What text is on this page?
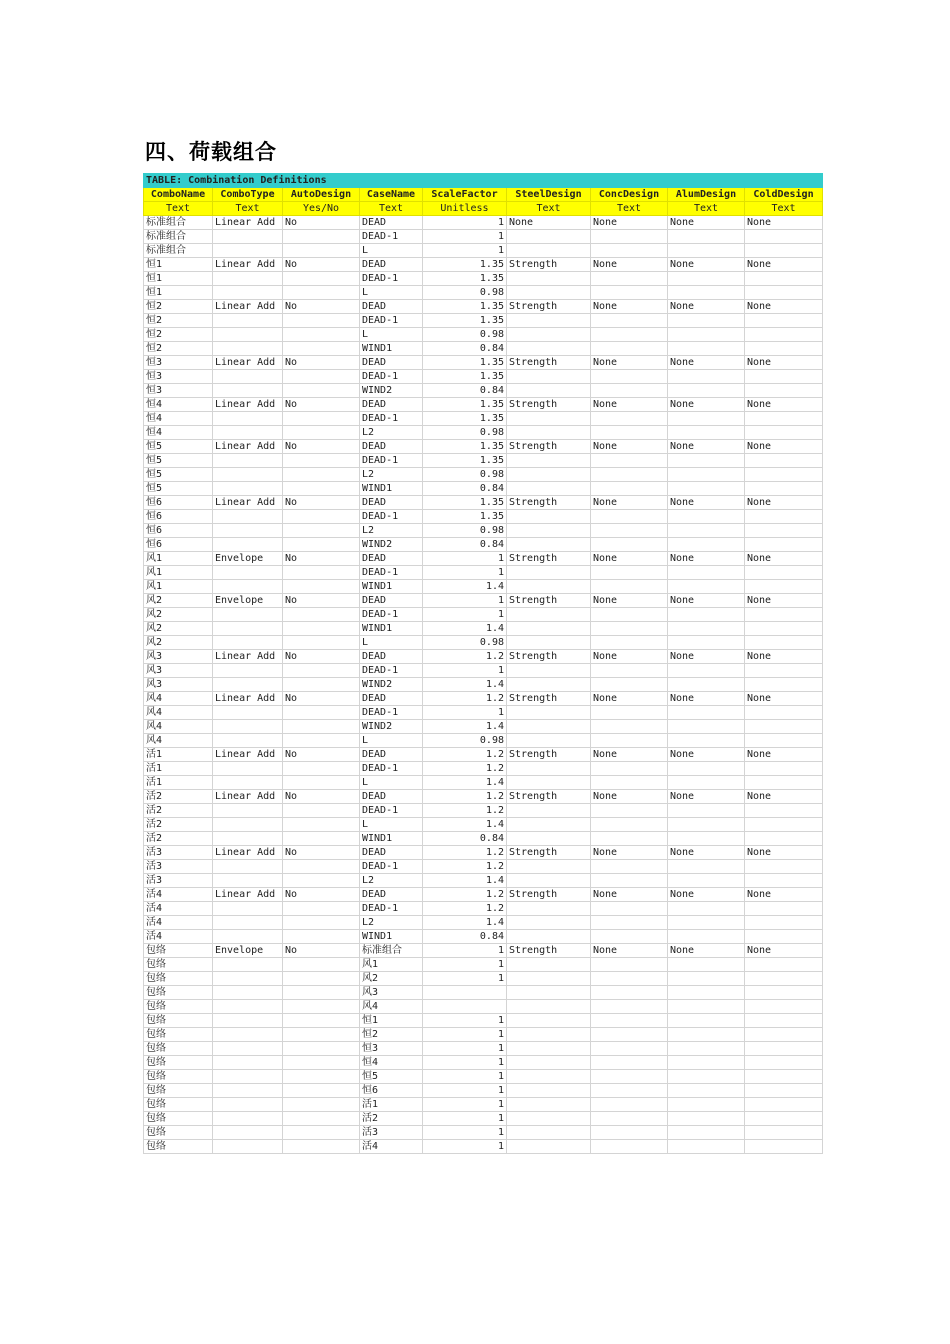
四、荷载组合
TABLE: Combination Definitions								
ComboName	ComboType	AutoDesign	CaseName	ScaleFactor	SteelDesign	ConcDesign	AlumDesign	ColdDesign
Text	Text	Yes/No	Text	Unitless	Text	Text	Text	Text
标准组合	Linear Add	No	DEAD	1	None	None	None	None
标准组合			DEAD-1	1				
标准组合			L	1				
恒1	Linear Add	No	DEAD	1.35	Strength	None	None	None
恒1			DEAD-1	1.35				
恒1			L	0.98				
恒2	Linear Add	No	DEAD	1.35	Strength	None	None	None
恒2			DEAD-1	1.35				
恒2			L	0.98				
恒2			WIND1	0.84				
恒3	Linear Add	No	DEAD	1.35	Strength	None	None	None
恒3			DEAD-1	1.35				
恒3			WIND2	0.84				
恒4	Linear Add	No	DEAD	1.35	Strength	None	None	None
恒4			DEAD-1	1.35				
恒4			L2	0.98				
恒5	Linear Add	No	DEAD	1.35	Strength	None	None	None
恒5			DEAD-1	1.35				
恒5			L2	0.98				
恒5			WIND1	0.84				
恒6	Linear Add	No	DEAD	1.35	Strength	None	None	None
恒6			DEAD-1	1.35				
恒6			L2	0.98				
恒6			WIND2	0.84				
风1	Envelope	No	DEAD	1	Strength	None	None	None
风1			DEAD-1	1				
风1			WIND1	1.4				
风2	Envelope	No	DEAD	1	Strength	None	None	None
风2			DEAD-1	1				
风2			WIND1	1.4				
风2			L	0.98				
风3	Linear Add	No	DEAD	1.2	Strength	None	None	None
风3			DEAD-1	1				
风3			WIND2	1.4				
风4	Linear Add	No	DEAD	1.2	Strength	None	None	None
风4			DEAD-1	1				
风4			WIND2	1.4				
风4			L	0.98				
活1	Linear Add	No	DEAD	1.2	Strength	None	None	None
活1			DEAD-1	1.2				
活1			L	1.4				
活2	Linear Add	No	DEAD	1.2	Strength	None	None	None
活2			DEAD-1	1.2				
活2			L	1.4				
活2			WIND1	0.84				
活3	Linear Add	No	DEAD	1.2	Strength	None	None	None
活3			DEAD-1	1.2				
活3			L2	1.4				
活4	Linear Add	No	DEAD	1.2	Strength	None	None	None
活4			DEAD-1	1.2				
活4			L2	1.4				
活4			WIND1	0.84				
包络	Envelope	No	标准组合	1	Strength	None	None	None
包络			风1	1				
包络			风2	1				
包络			风3					
包络			风4					
包络			恒1	1				
包络			恒2	1				
包络			恒3	1				
包络			恒4	1				
包络			恒5	1				
包络			恒6	1				
包络			活1	1				
包络			活2	1				
包络			活3	1				
包络			活4	1				
